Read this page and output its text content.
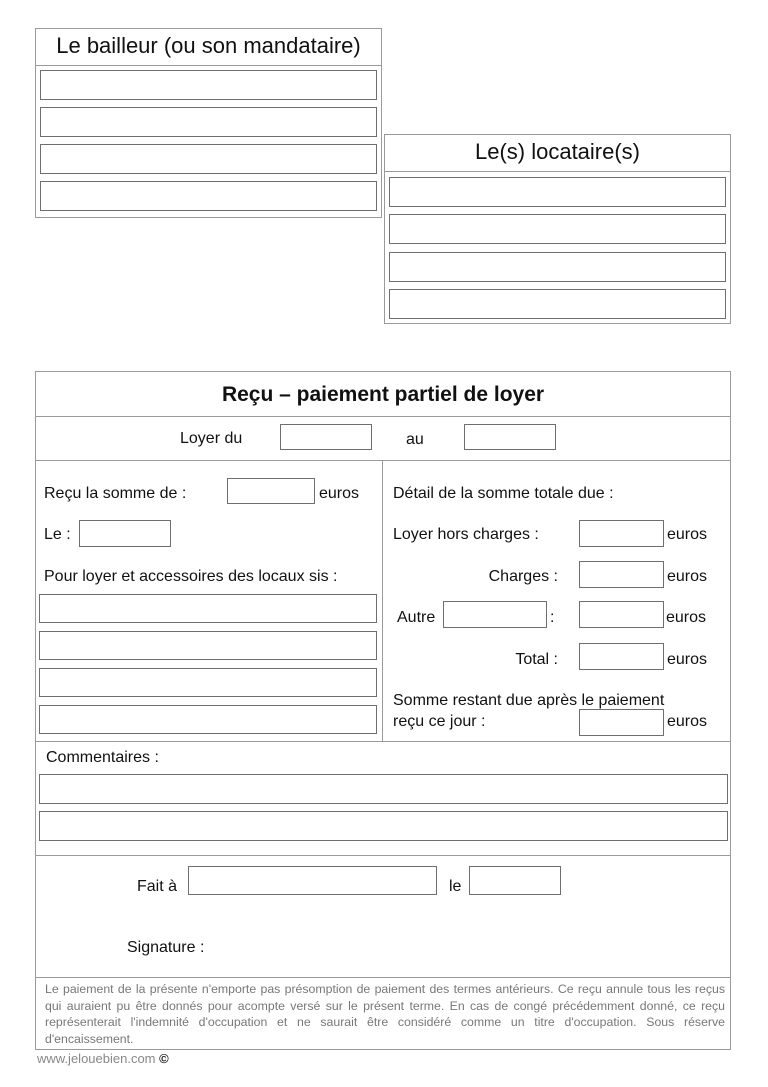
Le bailleur (ou son mandataire)
Le(s) locataire(s)
Reçu – paiement partiel de loyer
Loyer du	au
Reçu la somme de :	euros
Le :
Pour loyer et accessoires des locaux sis :
Détail de la somme totale due :
Loyer hors charges :	euros
Charges :	euros
Autre	:	euros
Total :	euros
Somme restant due après le paiement
reçu ce jour :	euros
Commentaires :
Fait à	le
Signature :
Le paiement de la présente n'emporte pas présomption de paiement des termes antérieurs. Ce reçu annule tous les reçus qui auraient pu être donnés pour acompte versé sur le présent terme. En cas de congé précédemment donné, ce reçu représenterait l'indemnité d'occupation et ne saurait être considéré comme un titre d'occupation. Sous réserve d'encaissement.
www.jelouebien.com ©
